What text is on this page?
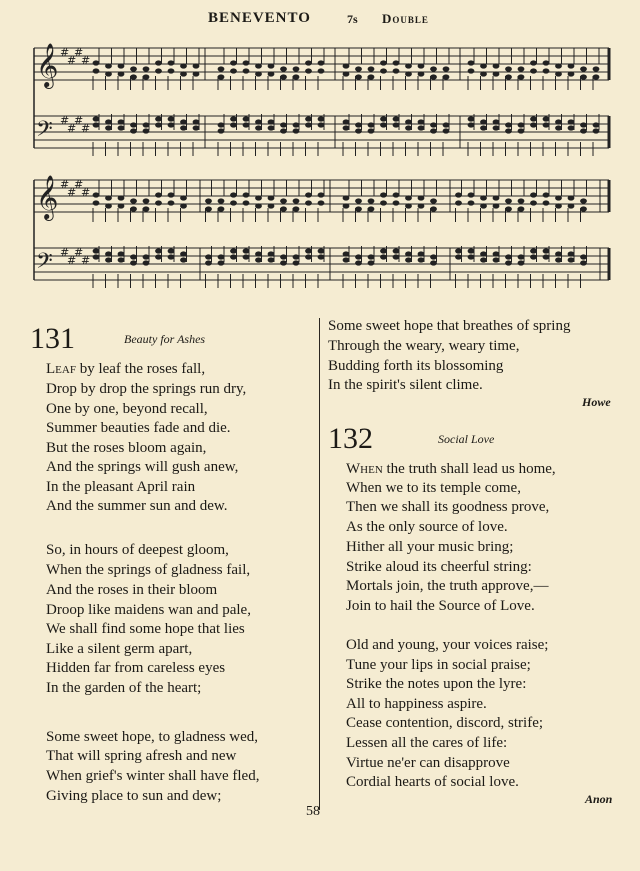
BENEVENTO	7s Double
𝄞
𝄢
#
#
#
#
#
#
#
#
𝄞
𝄢
#
#
#
#
#
#
#
#
131	Beauty for Ashes
Leaf by leaf the roses fall,
Drop by drop the springs run dry,
One by one, beyond recall,
Summer beauties fade and die.
But the roses bloom again,
And the springs will gush anew,
In the pleasant April rain
And the summer sun and dew.
So, in hours of deepest gloom,
When the springs of gladness fail,
And the roses in their bloom
Droop like maidens wan and pale,
We shall find some hope that lies
Like a silent germ apart,
Hidden far from careless eyes
In the garden of the heart;
Some sweet hope, to gladness wed,
That will spring afresh and new
When grief's winter shall have fled,
Giving place to sun and dew;
Some sweet hope that breathes of spring
Through the weary, weary time,
Budding forth its blossoming
In the spirit's silent clime.
132	Social Love
When the truth shall lead us home,
When we to its temple come,
Then we shall its goodness prove,
As the only source of love.
Hither all your music bring;
Strike aloud its cheerful string:
Mortals join, the truth approve,—
Join to hail the Source of Love.
Old and young, your voices raise;
Tune your lips in social praise;
Strike the notes upon the lyre:
All to happiness aspire.
Cease contention, discord, strife;
Lessen all the cares of life:
Virtue ne'er can disapprove
Cordial hearts of social love.
Howe
Anon
58
